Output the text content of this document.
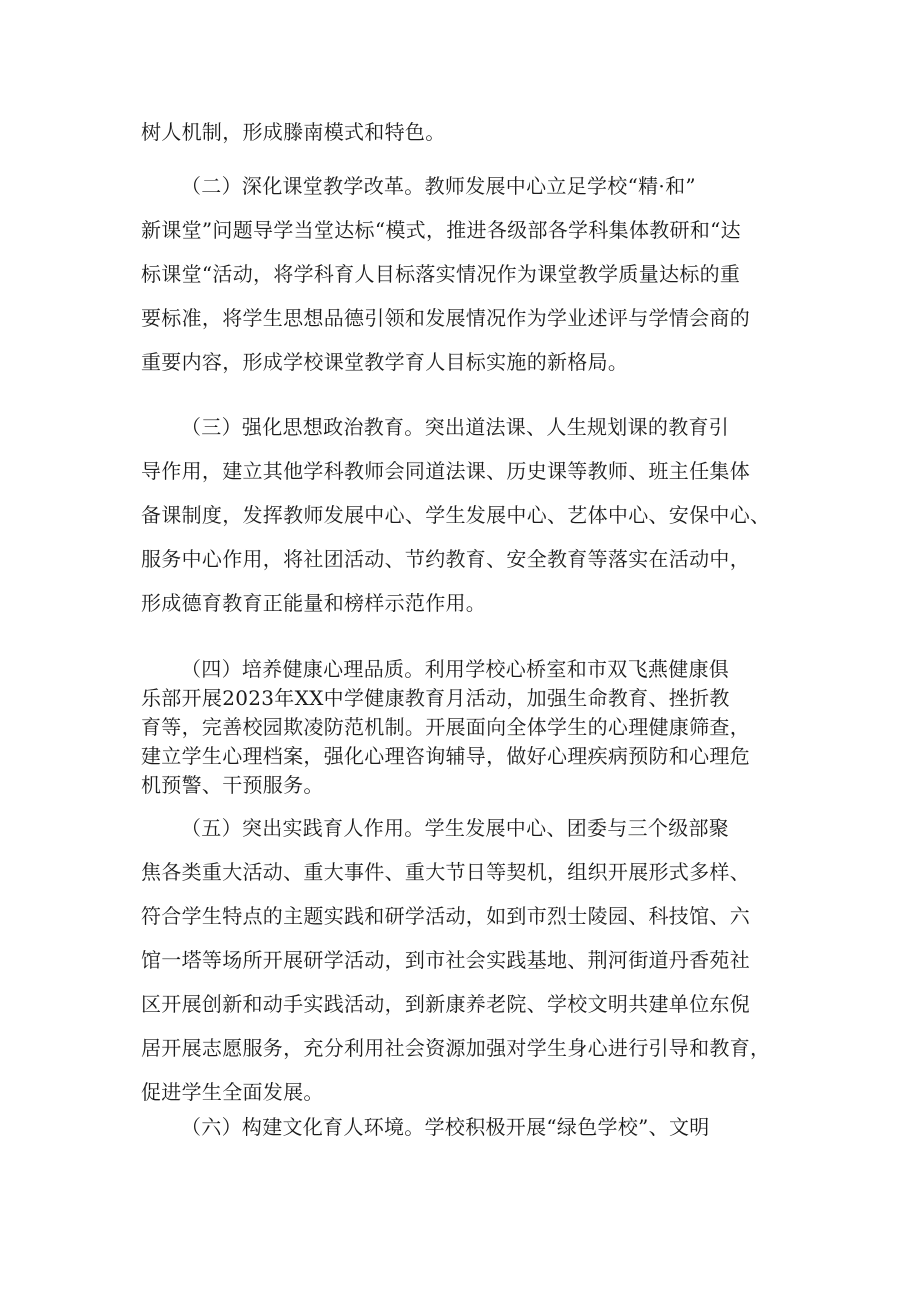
树人机制，形成滕南模式和特色。
（二）深化课堂教学改革。教师发展中心立足学校“精·和”
新课堂”问题导学当堂达标“模式，推进各级部各学科集体教研和“达
标课堂“活动，将学科育人目标落实情况作为课堂教学质量达标的重
要标准，将学生思想品德引领和发展情况作为学业述评与学情会商的
重要内容，形成学校课堂教学育人目标实施的新格局。
（三）强化思想政治教育。突出道法课、人生规划课的教育引
导作用，建立其他学科教师会同道法课、历史课等教师、班主任集体
备课制度，发挥教师发展中心、学生发展中心、艺体中心、安保中心、
服务中心作用，将社团活动、节约教育、安全教育等落实在活动中，
形成德育教育正能量和榜样示范作用。
（四）培养健康心理品质。利用学校心桥室和市双飞燕健康俱
乐部开展2023年XX中学健康教育月活动，加强生命教育、挫折教
育等，完善校园欺凌防范机制。开展面向全体学生的心理健康筛查，
建立学生心理档案，强化心理咨询辅导，做好心理疾病预防和心理危
机预警、干预服务。
（五）突出实践育人作用。学生发展中心、团委与三个级部聚
焦各类重大活动、重大事件、重大节日等契机，组织开展形式多样、
符合学生特点的主题实践和研学活动，如到市烈士陵园、科技馆、六
馆一塔等场所开展研学活动，到市社会实践基地、荆河街道丹香苑社
区开展创新和动手实践活动，到新康养老院、学校文明共建单位东倪
居开展志愿服务，充分利用社会资源加强对学生身心进行引导和教育，
促进学生全面发展。
（六）构建文化育人环境。学校积极开展“绿色学校”、文明
